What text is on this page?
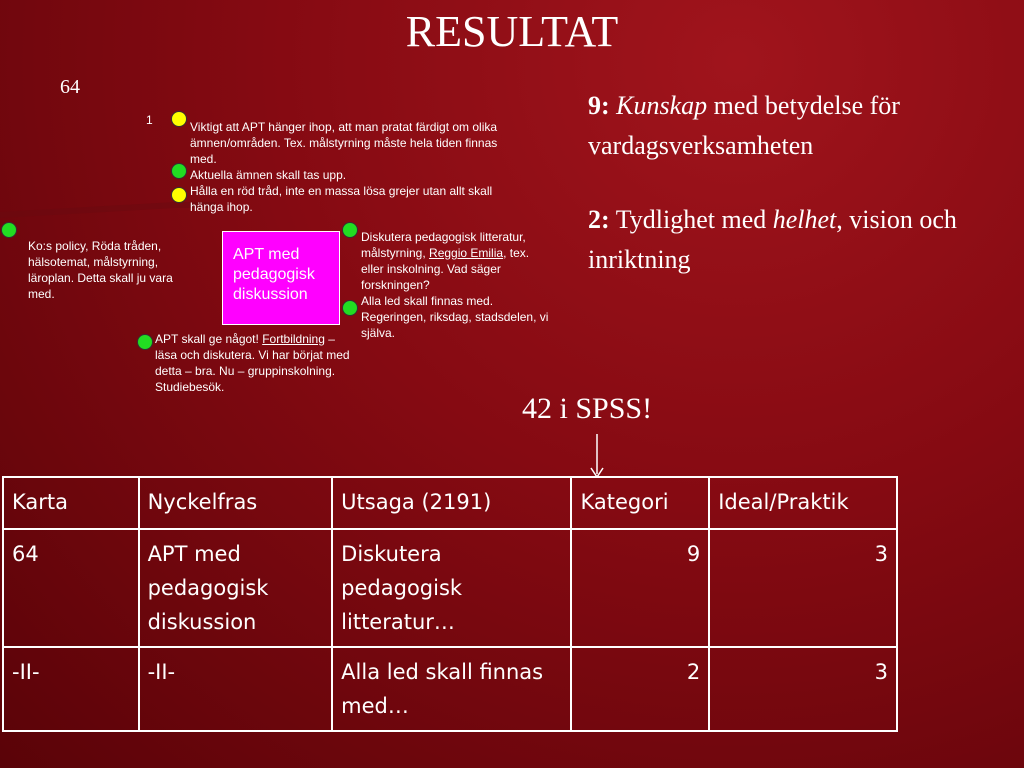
RESULTAT
64
1	Viktigt att APT hänger ihop, att man pratat färdigt om olika ämnen/områden. Tex. målstyrning måste hela tiden finnas med.
Aktuella ämnen skall tas upp.
Hålla en röd tråd, inte en massa lösa grejer utan allt skall hänga ihop.
Ko:s policy, Röda tråden, hälsotemat, målstyrning, läroplan. Detta skall ju vara med.
APT med pedagogisk diskussion
Diskutera pedagogisk litteratur, målstyrning, Reggio Emilia, tex. eller inskolning. Vad säger forskningen?
Alla led skall finnas med. Regeringen, riksdag, stadsdelen, vi själva.
APT skall ge något! Fortbildning – läsa och diskutera. Vi har börjat med detta – bra. Nu – gruppinskolning. Studiebesök.

9: Kunskap med betydelse för vardagsverksamheten

2: Tydlighet med helhet, vision och inriktning

42 i SPSS!
Karta	Nyckelfras	Utsaga (2191)	Kategori	Ideal/Praktik
64	APT med pedagogisk diskussion	Diskutera pedagogisk litteratur…	9	3
-II-	-II-	Alla led skall finnas med…	2	3
